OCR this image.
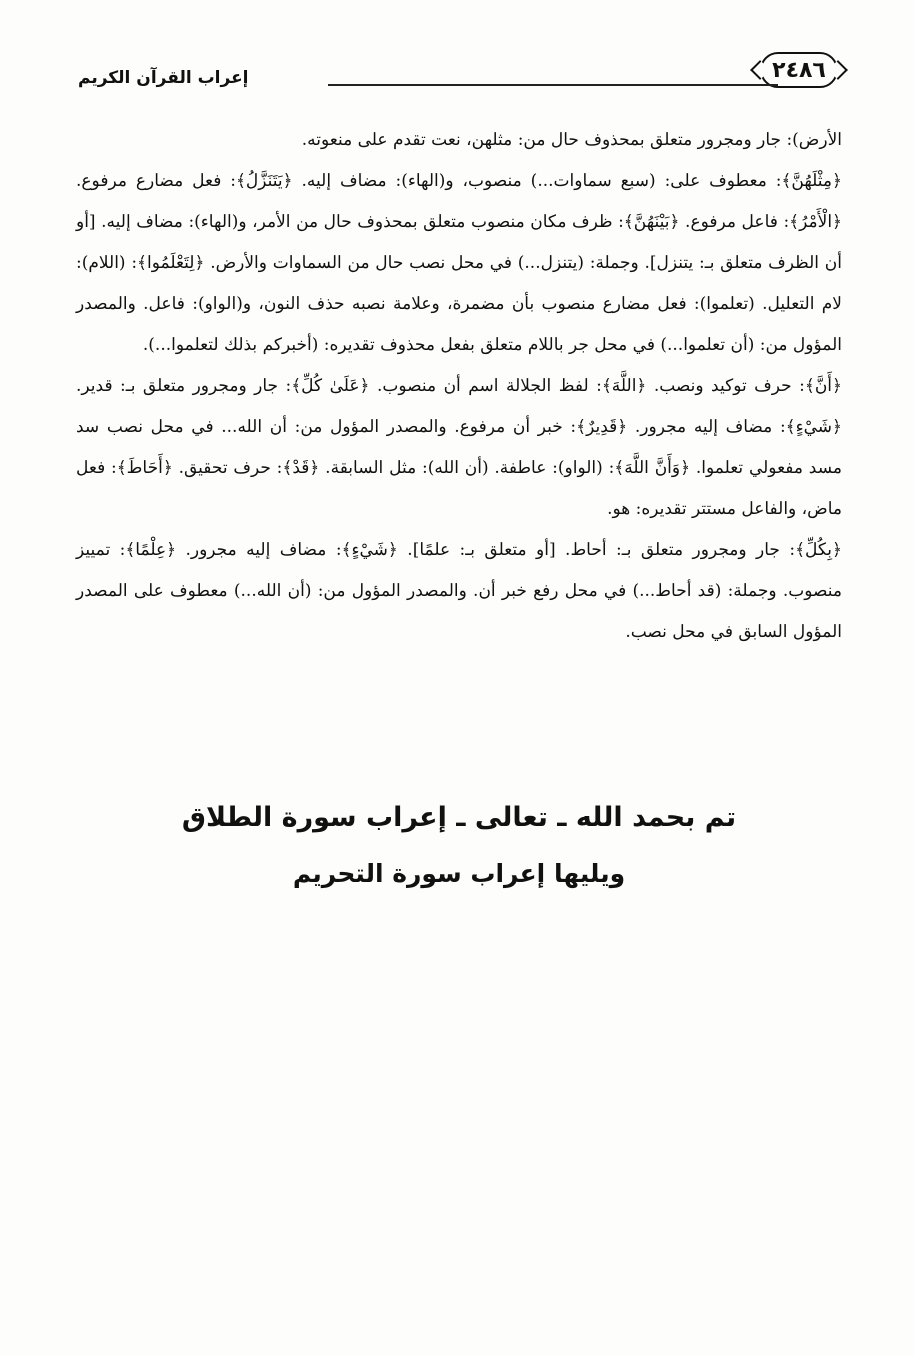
٢٤٨٦
إعراب القرآن الكريم

الأرض): جار ومجرور متعلق بمحذوف حال من: مثلهن، نعت تقدم على منعوته.

﴿مِثْلَهُنَّ﴾: معطوف على: (سبع سماوات...) منصوب، و(الهاء): مضاف إليه. ﴿يَتَنَزَّلُ﴾: فعل مضارع مرفوع. ﴿الْأَمْرُ﴾: فاعل مرفوع. ﴿بَيْنَهُنَّ﴾: ظرف مكان منصوب متعلق بمحذوف حال من الأمر، و(الهاء): مضاف إليه. [أو أن الظرف متعلق بـ: يتنزل]. وجملة: (يتنزل...) في محل نصب حال من السماوات والأرض. ﴿لِتَعْلَمُوا﴾: (اللام): لام التعليل. (تعلموا): فعل مضارع منصوب بأن مضمرة، وعلامة نصبه حذف النون، و(الواو): فاعل. والمصدر المؤول من: (أن تعلموا...) في محل جر باللام متعلق بفعل محذوف تقديره: (أخبركم بذلك لتعلموا...).

﴿أَنَّ﴾: حرف توكيد ونصب. ﴿اللَّهَ﴾: لفظ الجلالة اسم أن منصوب. ﴿عَلَىٰ كُلِّ﴾: جار ومجرور متعلق بـ: قدير. ﴿شَيْءٍ﴾: مضاف إليه مجرور. ﴿قَدِيرٌ﴾: خبر أن مرفوع. والمصدر المؤول من: أن الله... في محل نصب سد مسد مفعولي تعلموا. ﴿وَأَنَّ اللَّهَ﴾: (الواو): عاطفة. (أن الله): مثل السابقة. ﴿قَدْ﴾: حرف تحقيق. ﴿أَحَاطَ﴾: فعل ماض، والفاعل مستتر تقديره: هو.

﴿بِكُلِّ﴾: جار ومجرور متعلق بـ: أحاط. [أو متعلق بـ: علمًا]. ﴿شَيْءٍ﴾: مضاف إليه مجرور. ﴿عِلْمًا﴾: تمييز منصوب. وجملة: (قد أحاط...) في محل رفع خبر أن. والمصدر المؤول من: (أن الله...) معطوف على المصدر المؤول السابق في محل نصب.

تم بحمد الله ـ تعالى ـ إعراب سورة الطلاق
ويليها إعراب سورة التحريم
